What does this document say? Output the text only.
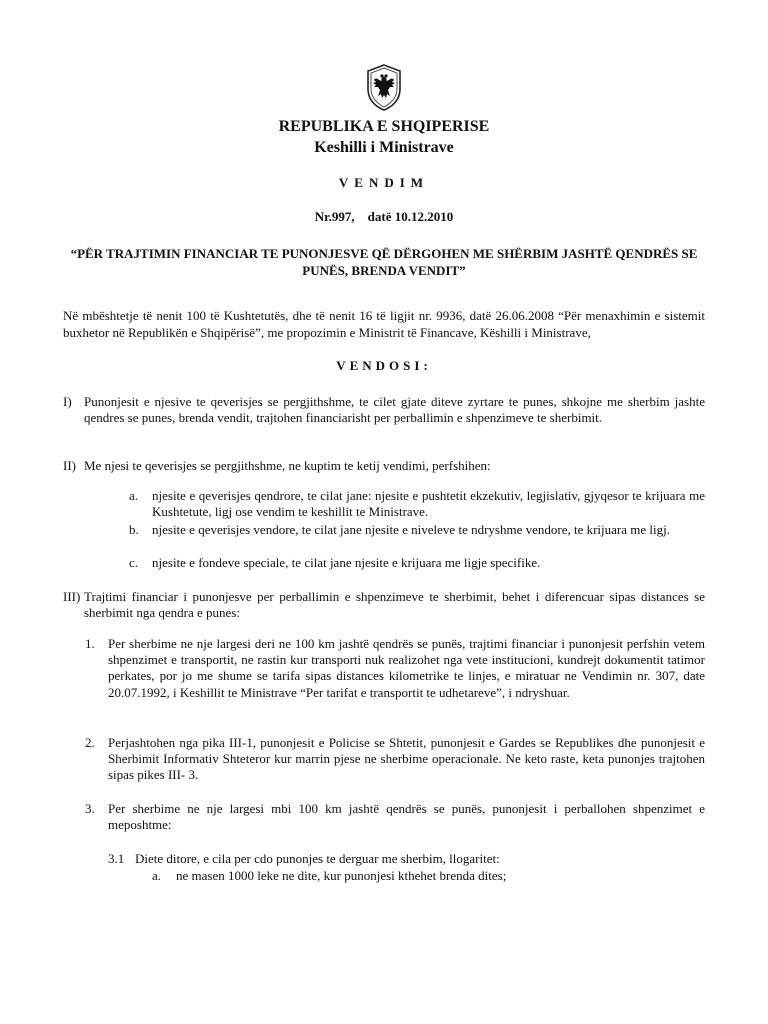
REPUBLIKA E SHQIPERISE
Keshilli i Ministrave
VENDIM
Nr.997,    datë 10.12.2010
“PËR TRAJTIMIN FINANCIAR TE PUNONJESVE QË DËRGOHEN ME SHËRBIM JASHTË QENDRËS SE PUNËS, BRENDA VENDIT”
Në mbështetje të nenit 100 të Kushtetutës, dhe të nenit 16 të ligjit nr. 9936, datë 26.06.2008 “Për menaxhimin e sistemit buxhetor në Republikën e Shqipërisë”, me propozimin e Ministrit të Financave, Këshilli i Ministrave,
VENDOSI:
I) Punonjesit e njesive te qeverisjes se pergjithshme, te cilet gjate diteve zyrtare te punes, shkojne me sherbim jashte qendres se punes, brenda vendit, trajtohen financiarisht per perballimin e shpenzimeve te sherbimit.
II) Me njesi te qeverisjes se pergjithshme, ne kuptim te ketij vendimi, perfshihen:
a. njesite e qeverisjes qendrore, te cilat jane: njesite e pushtetit ekzekutiv, legjislativ, gjyqesor te krijuara me Kushtetute, ligj ose vendim te keshillit te Ministrave.
b. njesite e qeverisjes vendore, te cilat jane njesite e niveleve te ndryshme vendore, te krijuara me ligj.
c. njesite e fondeve speciale, te cilat jane njesite e krijuara me ligje specifike.
III) Trajtimi financiar i punonjesve per perballimin e shpenzimeve te sherbimit, behet i diferencuar sipas distances se sherbimit nga qendra e punes:
1. Per sherbime ne nje largesi deri ne 100 km jashtë qendrës se punës, trajtimi financiar i punonjesit perfshin vetem shpenzimet e transportit, ne rastin kur transporti nuk realizohet nga vete institucioni, kundrejt dokumentit tatimor perkates, por jo me shume se tarifa sipas distances kilometrike te linjes, e miratuar ne Vendimin nr. 307, date 20.07.1992, i Keshillit te Ministrave “Per tarifat e transportit te udhetareve”, i ndryshuar.
2. Perjashtohen nga pika III-1, punonjesit e Policise se Shtetit, punonjesit e Gardes se Republikes dhe punonjesit e Sherbimit Informativ Shteteror kur marrin pjese ne sherbime operacionale. Ne keto raste, keta punonjes trajtohen sipas pikes III- 3.
3. Per sherbime ne nje largesi mbi 100 km jashtë qendrës se punës, punonjesit i perballohen shpenzimet e meposhtme:
3.1 Diete ditore, e cila per cdo punonjes te derguar me sherbim, llogaritet:
a. ne masen 1000 leke ne dite, kur punonjesi kthehet brenda dites;
